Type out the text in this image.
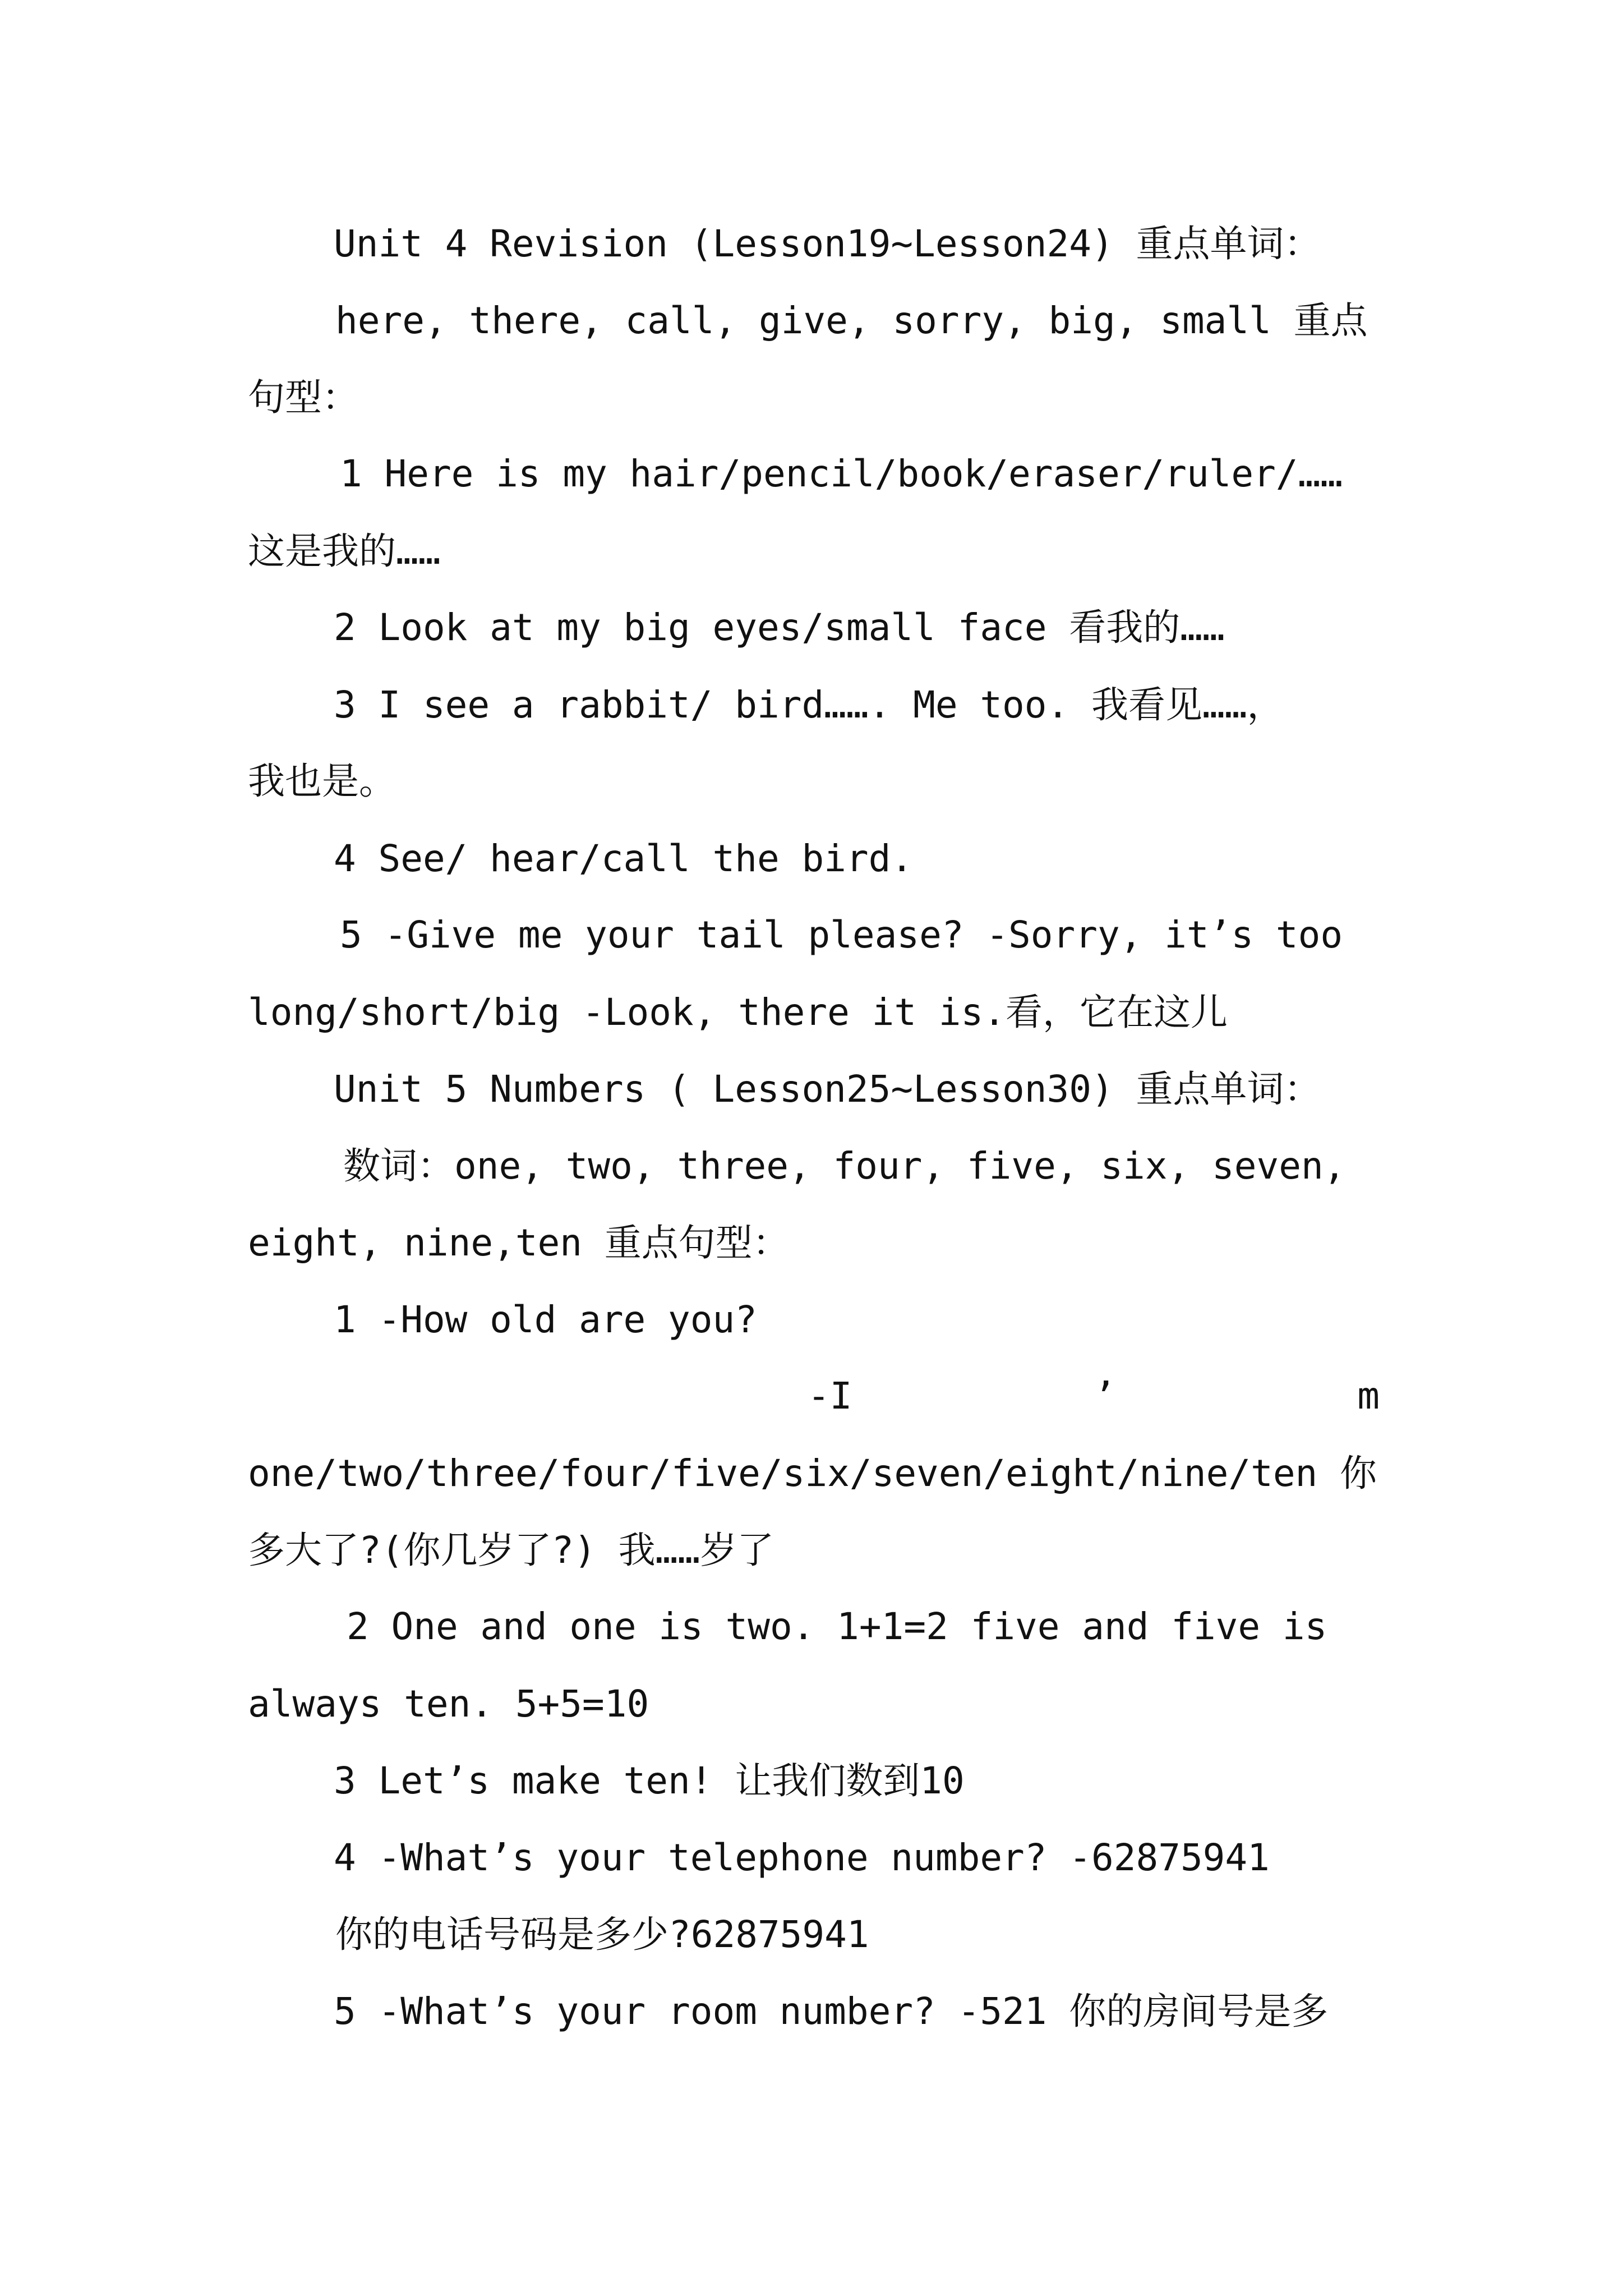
Unit 4 Revision (Lesson19~Lesson24) 重点单词：
here, there, call, give, sorry, big, small 重点
句型：
1 Here is my hair/pencil/book/eraser/ruler/……
这是我的……
2 Look at my big eyes/small face 看我的……
3 I see a rabbit/ bird……. Me too. 我看见……，
我也是。
4 See/ hear/call the bird.
5 -Give me your tail please? -Sorry, it’s too
long/short/big -Look, there it is.看，它在这儿
Unit 5 Numbers ( Lesson25~Lesson30) 重点单词：
数词：one, two, three, four, five, six, seven,
eight, nine,ten 重点句型：
1 -How old are you?
-I	’	m
one/two/three/four/five/six/seven/eight/nine/ten 你
多大了?(你几岁了?) 我……岁了
2 One and one is two. 1+1=2 five and five is
always ten. 5+5=10
3 Let’s make ten! 让我们数到10
4 -What’s your telephone number? -62875941
你的电话号码是多少?62875941
5 -What’s your room number? -521 你的房间号是多
